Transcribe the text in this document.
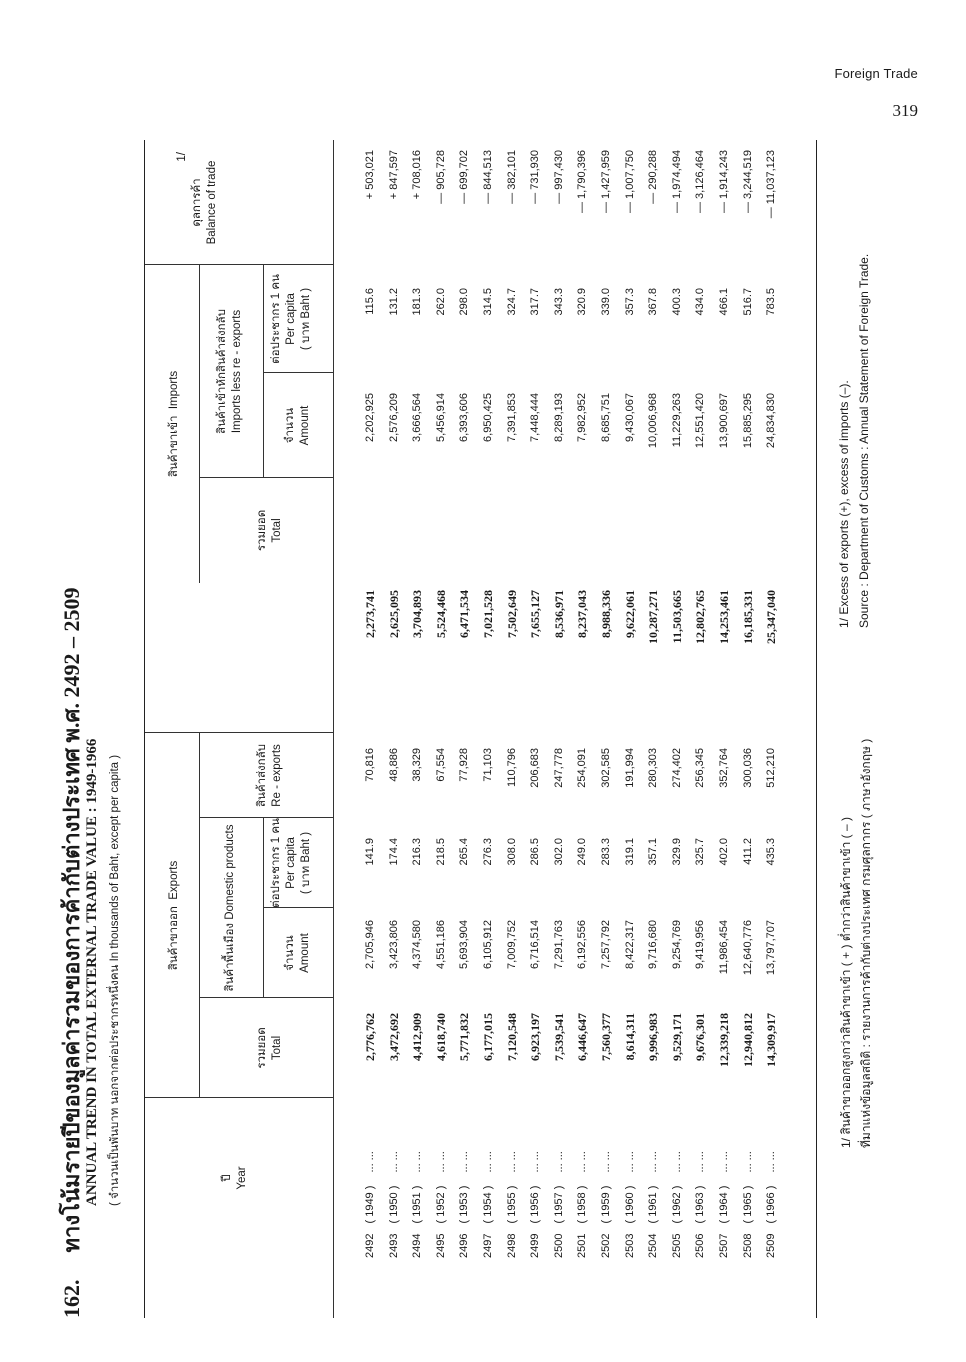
Foreign Trade
319
162.  ทางโน้มรายปีของมูลค่ารวมของการค้ากับต่างประเทศ พ.ศ. 2492 – 2509 ANNUAL TREND IN TOTAL EXTERNAL TRADE VALUE : 1949-1966 ( จำนวนเป็นพันบาท นอกจากต่อประชากรหนึ่งคน In thousands of Baht, except per capita )	ปี Year
สินค้าขาออก  Exports
รวมยอด Total
สินค้าพื้นเมือง Domestic products
จำนวน Amount
ต่อประชากร 1 คน Per capita ( บาท Baht )
สินค้าส่งกลับ Re - exports
สินค้าขาเข้า  Imports
รวมยอด Total
สินค้าเข้าหักสินค้าส่งกลับ Imports less re - exports	จำนวน Amount
ต่อประชากร 1 คน Per capita ( บาท Baht )
1/
ดุลการค้า Balance of trade
2492( 1949 ) ... ...
2,776,762
2,705,946
141.9
70,816
2,273,741
2,202,925
115.6
+ 503,021
2493( 1950 ) ... ...
3,472,692
3,423,806
174.4
48,886
2,625,095
2,576,209
131.2
+ 847,597
2494( 1951 ) ... ...
4,412,909
4,374,580
216.3
38,329
3,704,893
3,666,564
181.3
+ 708,016
2495( 1952 ) ... ...
4,618,740
4,551,186
218.5
67,554
5,524,468
5,456,914
262.0
— 905,728
2496( 1953 ) ... ...
5,771,832
5,693,904
265.4
77,928
6,471,534
6,393,606
298.0
— 699,702
2497( 1954 ) ... ...
6,177,015
6,105,912
276.3
71,103
7,021,528
6,950,425
314.5
— 844,513
2498( 1955 ) ... ...
7,120,548
7,009,752
308.0
110,796
7,502,649
7,391,853
324.7
— 382,101
2499( 1956 ) ... ...
6,923,197
6,716,514
286.5
206,683
7,655,127
7,448,444
317.7
— 731,930
2500( 1957 ) ... ...
7,539,541
7,291,763
302.0
247,778
8,536,971
8,289,193
343.3
— 997,430
2501( 1958 ) ... ...
6,446,647
6,192,556
249.0
254,091
8,237,043
7,982,952
320.9
— 1,790,396
2502( 1959 ) ... ...
7,560,377
7,257,792
283.3
302,585
8,988,336
8,685,751
339.0
— 1,427,959
2503( 1960 ) ... ...
8,614,311
8,422,317
319.1
191,994
9,622,061
9,430,067
357.3
— 1,007,750
2504( 1961 ) ... ...
9,996,983
9,716,680
357.1
280,303
10,287,271
10,006,968
367.8
— 290,288
2505( 1962 ) ... ...
9,529,171
9,254,769
329.9
274,402
11,503,665
11,229,263
400.3
— 1,974,494
2506( 1963 ) ... ...
9,676,301
9,419,956
325.7
256,345
12,802,765
12,551,420
434.0
— 3,126,464
2507( 1964 ) ... ...
12,339,218
11,986,454
402.0
352,764
14,253,461
13,900,697
466.1
— 1,914,243
2508( 1965 ) ... ...
12,940,812
12,640,776
411.2
300,036
16,185,331
15,885,295
516.7
— 3,244,519
2509( 1966 ) ... ...
14,309,917
13,797,707
435.3
512,210
25,347,040
24,834,830
783.5
— 11,037,123
1/ สินค้าขาออกสูงกว่าสินค้าขาเข้า ( + ) ต่ำกว่าสินค้าขาเข้า ( – )
1/ Excess of exports (+), excess of imports (–).
ที่มาแห่งข้อมูลสถิติ : รายงานการค้ากับต่างประเทศ กรมศุลกากร ( ภาษาอังกฤษ )
Source : Department of Customs : Annual Statement of Foreign Trade.
